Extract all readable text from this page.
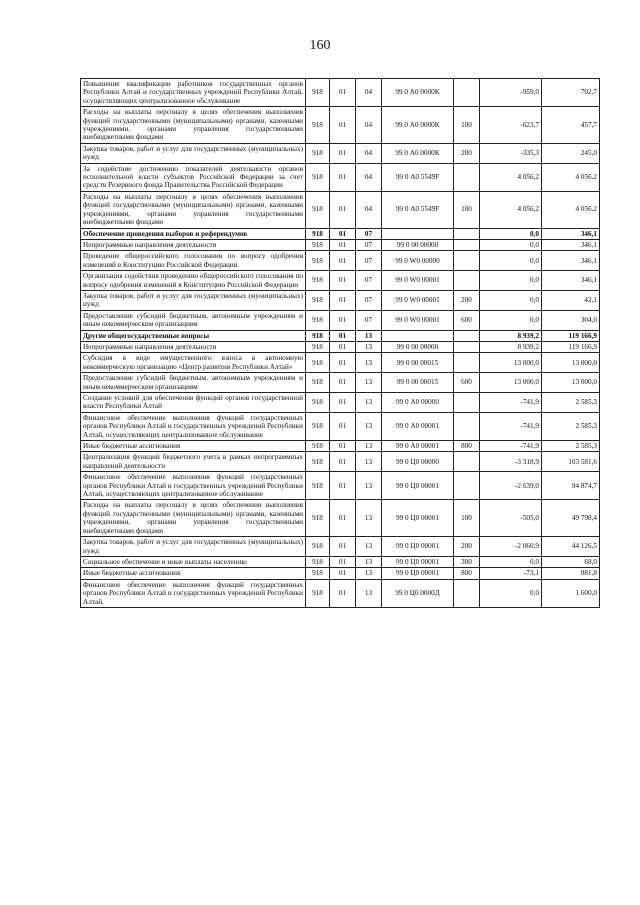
160
Повышение квалификации работников государственных органов Республики Алтай и государственных учреждений Республики Алтай, осуществляющих централизованное обслуживание	918	01	04	99 0 А0 0000К		-959,0	702,7
Расходы на выплаты персоналу в целях обеспечения выполнения функций государственными (муниципальными) органами, казенными учреждениями, органами управления государственными внебюджетными фондами	918	01	04	99 0 А0 0000К	100	-623,7	457,7
Закупка товаров, работ и услуг для государственных (муниципальных) нужд	918	01	04	99 0 А0 0000К	200	-335,3	245,0
За содействие достижению показателей деятельности органов исполнительной власти субъектов Российской Федерации за счет средств Резервного фонда Правительства Российской Федерации	918	01	04	99 0 А0 5549F		4 056,2	4 056,2
Расходы на выплаты персоналу в целях обеспечения выполнения функций государственными (муниципальными) органами, казенными учреждениями, органами управления государственными внебюджетными фондами	918	01	04	99 0 А0 5549F	100	4 056,2	4 056,2
Обеспечение проведения выборов и референдумов	918	01	07			0,0	346,1
Непрограммные направления деятельности	918	01	07	99 0 00 00000		0,0	346,1
Проведение общероссийского голосования по вопросу одобрения изменений в Конституцию Российской Федерации	918	01	07	99 0 W0 00000		0,0	346,1
Организация содействия проведению общероссийского голосования по вопросу одобрения изменений в Конституцию Российской Федерации	918	01	07	99 0 W0 00001		0,0	346,1
Закупка товаров, работ и услуг для государственных (муниципальных) нужд	918	01	07	99 0 W0 00001	200	0,0	42,1
Предоставление субсидий бюджетным, автономным учреждениям и иным некоммерческим организациям	918	01	07	99 0 W0 00001	600	0,0	304,0
Другие общегосударственные вопросы	918	01	13			8 939,2	119 166,9
Непрограммные направления деятельности	918	01	13	99 0 00 00000		8 939,2	119 166,9
Субсидия в виде имущественного взноса в автономную некоммерческую организацию «Центр развития Республики Алтай»	918	01	13	99 0 00 00015		13 000,0	13 000,0
Предоставление субсидий бюджетным, автономным учреждениям и иным некоммерческим организациям	918	01	13	99 0 00 00015	600	13 000,0	13 000,0
Создание условий для обеспечения функций органов государственной власти Республики Алтай	918	01	13	99 0 А0 00000		-741,9	2 585,3
Финансовое обеспечение выполнения функций государственных органов Республики Алтай и государственных учреждений Республики Алтай, осуществляющих централизованное обслуживание	918	01	13	99 0 А0 00001		-741,9	2 585,3
Иные бюджетные ассигнования	918	01	13	99 0 А0 00001	800	-741,9	2 585,3
Централизация функций бюджетного учета в рамках непрограммных направлений деятельности	918	01	13	99 0 Ц0 00000		-3 318,9	103 581,6
Финансовое обеспечение выполнения функций государственных органов Республики Алтай и государственных учреждений Республики Алтай, осуществляющих централизованное обслуживание	918	01	13	99 0 Ц0 00001		-2 639,0	94 874,7
Расходы на выплаты персоналу в целях обеспечения выполнения функций государственными (муниципальными) органами, казенными учреждениями, органами управления государственными внебюджетными фондами	918	01	13	99 0 Ц0 00001	100	-505,0	49 798,4
Закупка товаров, работ и услуг для государственных (муниципальных) нужд	918	01	13	99 0 Ц0 00001	200	-2 060,9	44 126,5
Социальное обеспечение и иные выплаты населению	918	01	13	99 0 Ц0 00001	300	0,0	68,0
Иные бюджетные ассигнования	918	01	13	99 0 Ц0 00001	800	-73,1	881,8
Финансовое обеспечение выполнения функций государственных органов Республики Алтай и государственных учреждений Республики Алтай,	918	01	13	99 0 Ц0 0000Д		0,0	1 600,0
